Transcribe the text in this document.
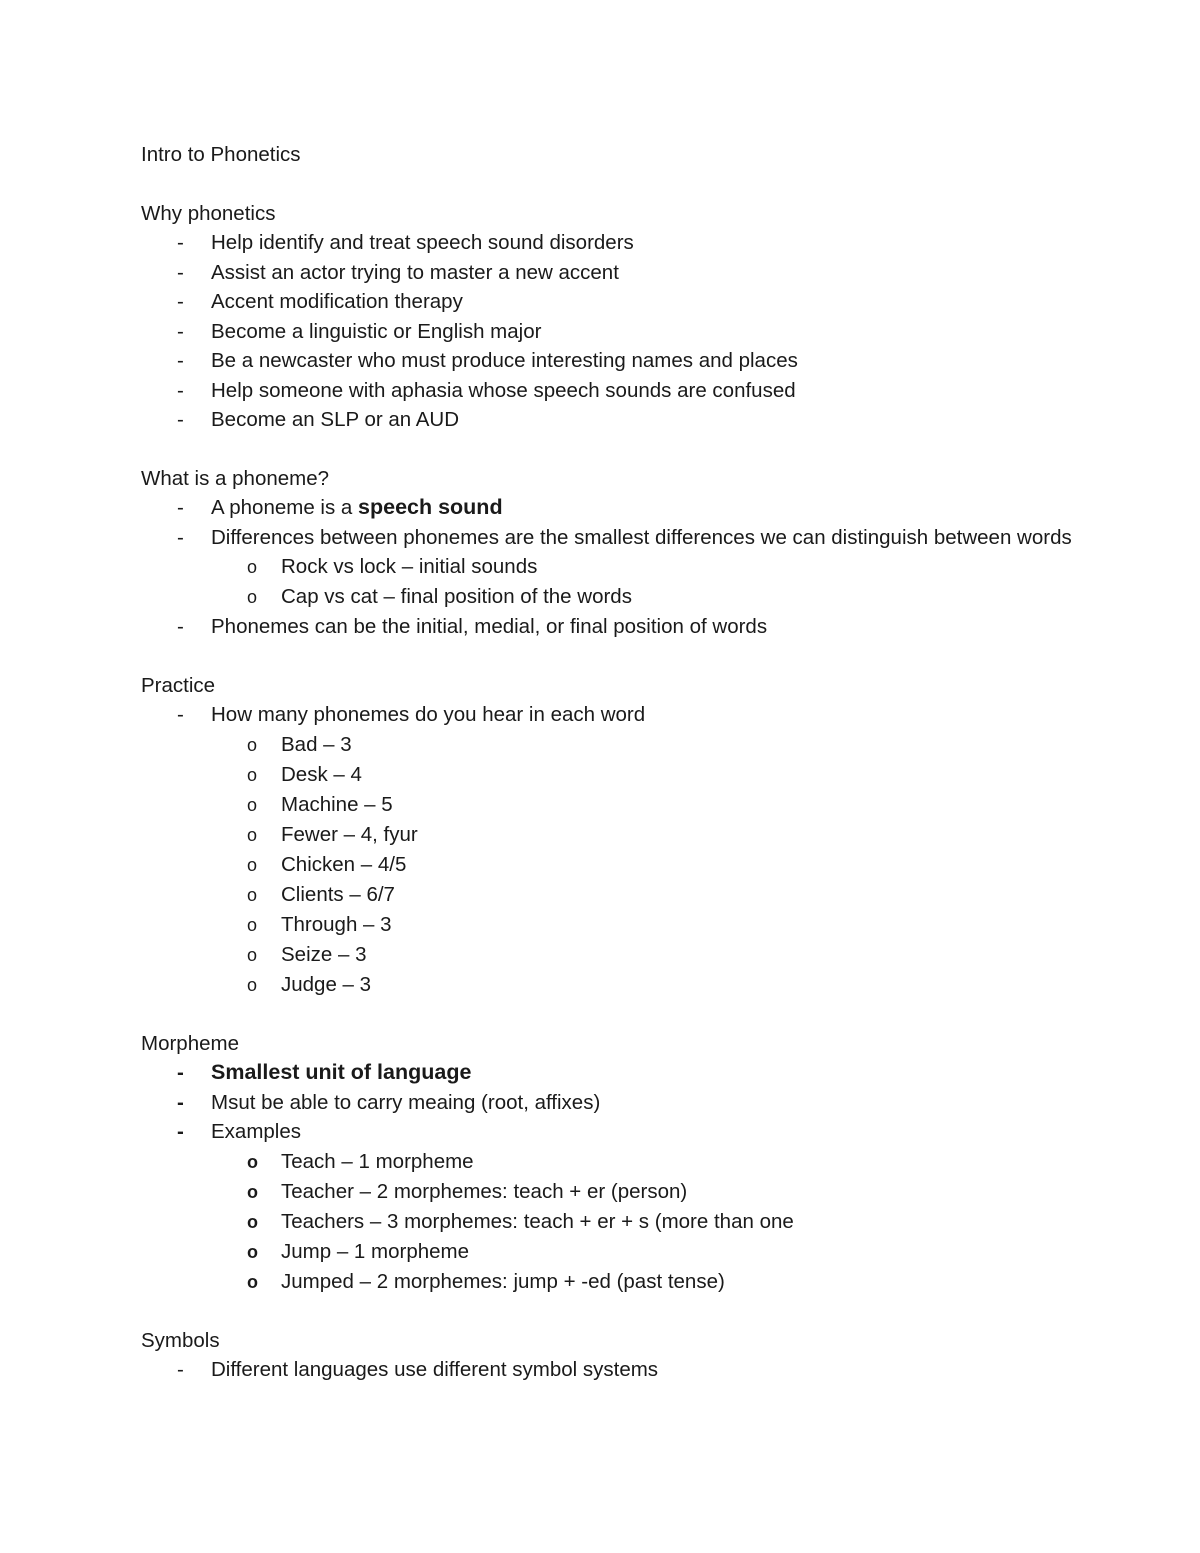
Intro to Phonetics

Why phonetics

- Help identify and treat speech sound disorders
- Assist an actor trying to master a new accent
- Accent modification therapy
- Become a linguistic or English major
- Be a newcaster who must produce interesting names and places
- Help someone with aphasia whose speech sounds are confused
- Become an SLP or an AUD

What is a phoneme?

- A phoneme is a speech sound
- Differences between phonemes are the smallest differences we can distinguish between words
o Rock vs lock – initial sounds
o Cap vs cat – final position of the words
- Phonemes can be the initial, medial, or final position of words

Practice

- How many phonemes do you hear in each word
o Bad – 3
o Desk – 4
o Machine – 5
o Fewer – 4, fyur
o Chicken – 4/5
o Clients – 6/7
o Through – 3
o Seize – 3
o Judge – 3

Morpheme

- Smallest unit of language
- Msut be able to carry meaing (root, affixes)
- Examples
o Teach – 1 morpheme
o Teacher – 2 morphemes: teach + er (person)
o Teachers – 3 morphemes: teach + er + s (more than one
o Jump – 1 morpheme
o Jumped – 2 morphemes: jump + -ed (past tense)

Symbols

- Different languages use different symbol systems
